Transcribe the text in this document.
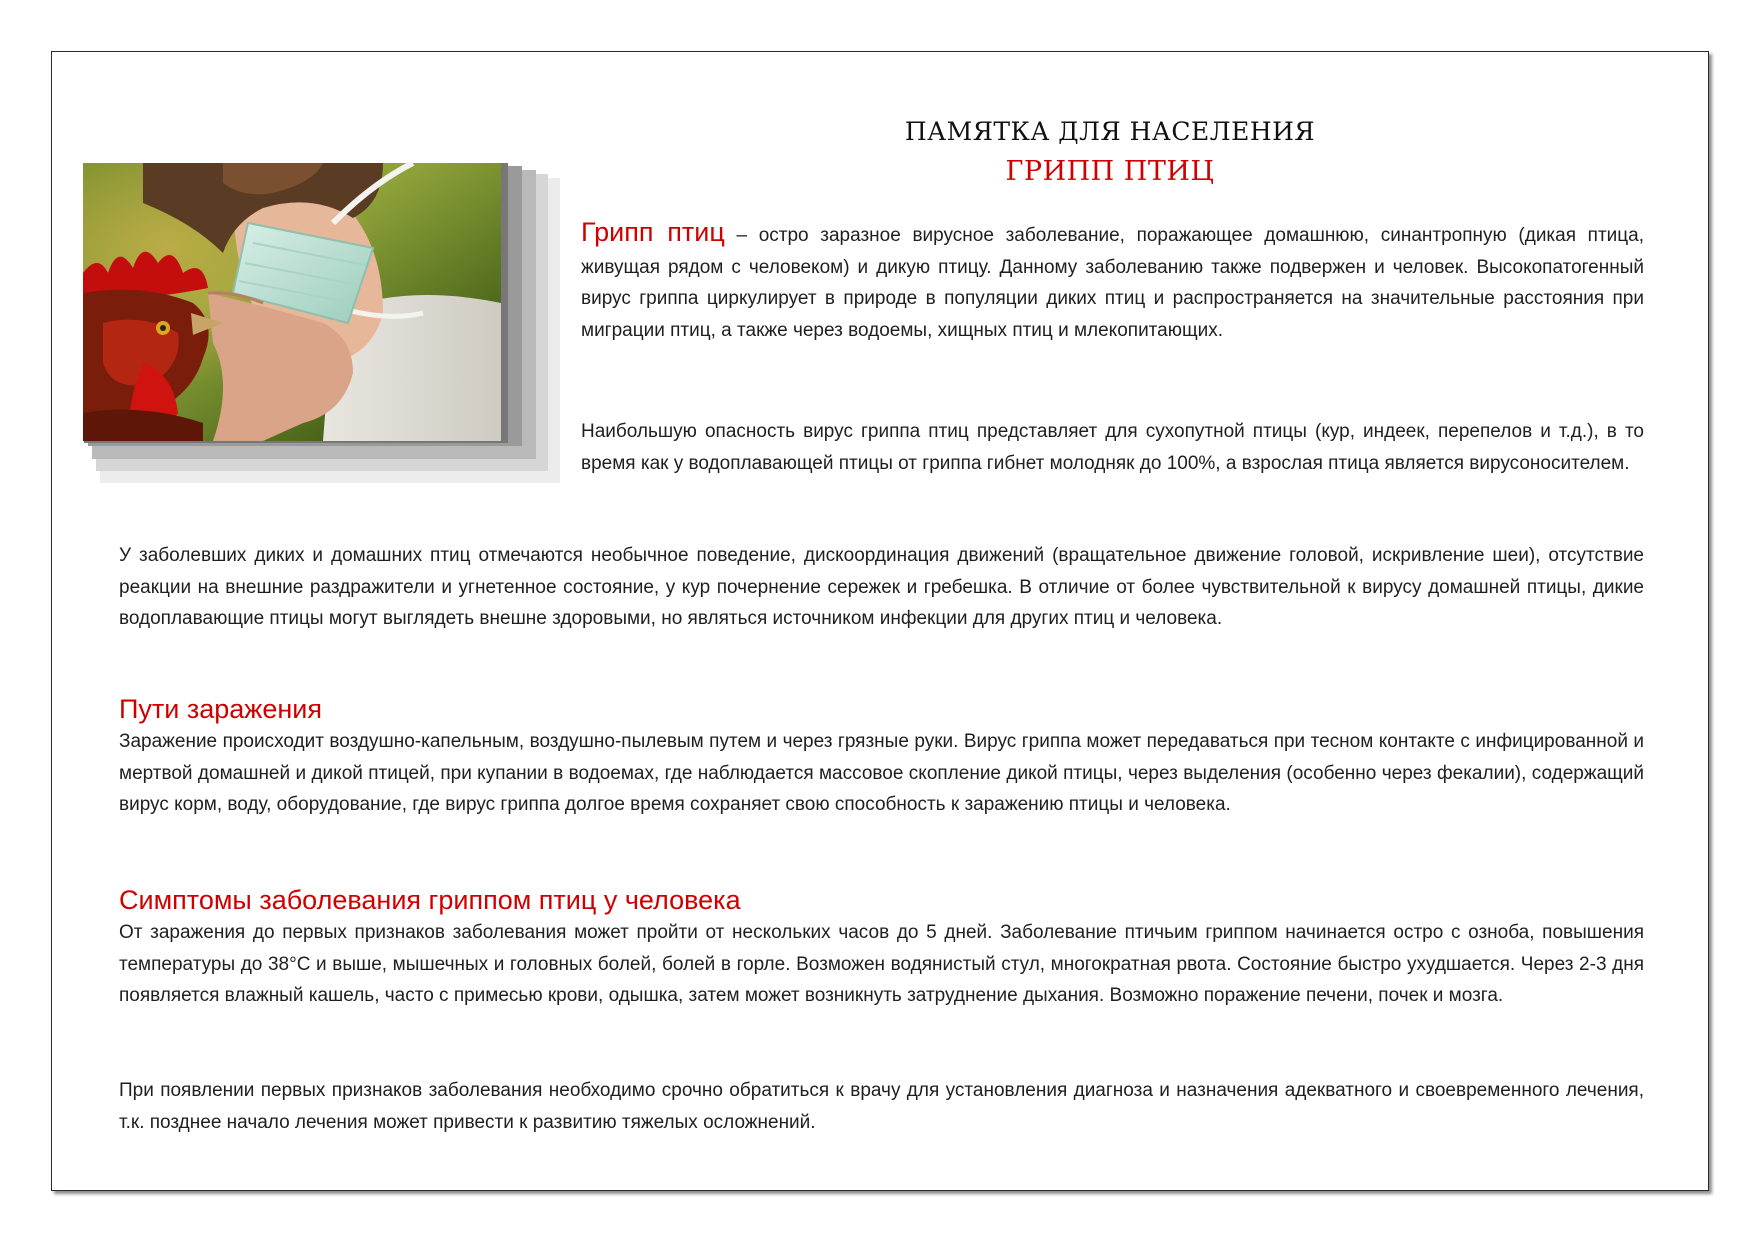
ПАМЯТКА ДЛЯ НАСЕЛЕНИЯ
ГРИПП ПТИЦ

Грипп птиц – остро заразное вирусное заболевание, поражающее домашнюю, синантропную (дикая птица, живущая рядом с человеком) и дикую птицу. Данному заболеванию также подвержен и человек. Высокопатогенный вирус гриппа циркулирует в природе в популяции диких птиц и распространяется на значительные расстояния при миграции птиц, а также через водоемы, хищных птиц и млекопитающих.

Наибольшую опасность вирус гриппа птиц представляет для сухопутной птицы (кур, индеек, перепелов и т.д.), в то время как у водоплавающей птицы от гриппа гибнет молодняк до 100%, а взрослая птица является вирусоносителем.

У заболевших диких и домашних птиц отмечаются необычное поведение, дискоординация движений (вращательное движение головой, искривление шеи), отсутствие реакции на внешние раздражители и угнетенное состояние, у кур почернение сережек и гребешка. В отличие от более чувствительной к вирусу домашней птицы, дикие водоплавающие птицы могут выглядеть внешне здоровыми, но являться источником инфекции для других птиц и человека.

Пути заражения

Заражение происходит воздушно-капельным, воздушно-пылевым путем и через грязные руки. Вирус гриппа может передаваться при тесном контакте с инфицированной и мертвой домашней и дикой птицей, при купании в водоемах, где наблюдается массовое скопление дикой птицы, через выделения (особенно через фекалии), содержащий вирус корм, воду, оборудование, где вирус гриппа долгое время сохраняет свою способность к заражению птицы и человека.

Симптомы заболевания гриппом птиц у человека

От заражения до первых признаков заболевания может пройти от нескольких часов до 5 дней. Заболевание птичьим гриппом начинается остро с озноба, повышения температуры до 38°С и выше, мышечных и головных болей, болей в горле. Возможен водянистый стул, многократная рвота. Состояние быстро ухудшается. Через 2-3 дня появляется влажный кашель, часто с примесью крови, одышка, затем может возникнуть затруднение дыхания. Возможно поражение печени, почек и мозга.

При появлении первых признаков заболевания необходимо срочно обратиться к врачу для установления диагноза и назначения адекватного и своевременного лечения, т.к. позднее начало лечения может привести к развитию тяжелых осложнений.
